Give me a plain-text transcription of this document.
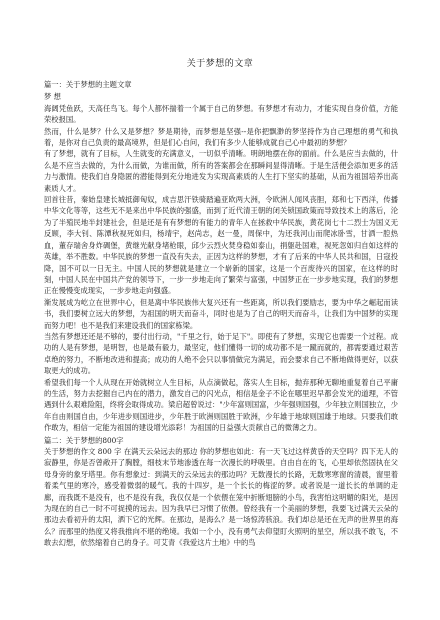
​
关于梦想的文章

篇一：关于梦想的主题文章

梦 想

海阔凭鱼跃，天高任鸟飞。每个人都怀揣着一个属于自己的梦想。有梦想才有动力，才能实现自身价值，方能荣校报国。

然而，什么是梦？什么又是梦想？梦是期待，而梦想是坚强--是你把飘渺的梦坚持作为自己理想的勇气和执着，是你对自己负责的最高境界，但是们心自问，我们有多少人能够成就自己心中最初的梦想？

有了梦想，就有了目标，人生就变的充满意义，一切似乎清晰。明朗地摆在你的面前。什么是应当去做的，什么是不应当去做的，为什么而做，为谁而做，所有的答案都会在那瞬间显得清晰。于是生活便会添加更多的活力与激情。使我们自身隐匿的潜能得到充分地进发为实现高素质的人生打下坚实的基础，从而为祖国培养出高素质人才。

回首往昔，秦始皇建长城抵御匈奴，成吉思汗铁骑踏遍亚欧两大洲，令欧洲人闻风丧胆，郑和七下西洋，传播中华文化等等，这些无不是来出中华民族的强盛，而到了近代清王朝的闭关锁国政策而导致技术上的落后，沦为了半殖民地半封建社会，但是还是有有梦想的有能力的青年人在拯救中华民族，黄花岗七十二烈士为国义无反顾，李大钊、陈潭秋视死如归，杨靖宇，赵尚志，赵一曼，周保中，为还我河山而爬冰卧雪，甘洒一腔热血，董存瑞舍身炸碉堡，黄继光献身堵枪眼，邱少云烈火焚身稳如泰山，捐躯赴国难，视死忽如归自如这样的英雄，举不胜数。中华民族的梦想一直没有失去，正因为这样的梦想，才有了后来的中华人民共和国，日寇投降，国不可以一日无主。中国人民的梦想就是建立一个崭新的国家，这是一个百废待兴的国家，在这样的时刻，中国人民在中国共产党的领导下，一步一步地走向了繁荣与富强，中国梦正在一步步地实现，我们的梦想正在慢慢变成现实，一步步地走向强盛。

渐发展成为屹立在世界中心，但是离中华民族伟大复兴还有一些距离，所以我们要励志，要为中华之崛起而读书，我们要树立远大的梦想，为祖国的明天而奋斗，同时也是为了自己的明天而奋斗，让我们为中国梦的实现而努力吧！也不是我们来建设我们的国家栋梁。

当然有梦想还还是不够的，要付出行动，"千里之行，始于足下"。即使有了梦想，实现它也需要一个过程。成功的人是有梦想，是明智，也是最有毅力，最坚定，他们懂得一切的成功都不是一蹴而就的，都需要通过艰苦卓绝的努力，不断地改进和提高；成功的人绝不会只以事情做完为满足，而会要求自己不断地做得更好，以获取更大的成功。

希望我们每一个人从现在开始就树立人生目标，从点滴做起，落实人生目标，抛弃那种无聊地重复着自己平庸的生活，努力去挖掘自己内在的潜力，激发自己的闪光点，相信是金子不论在哪里迟早都会发光的道理，不管遇到什么艰难险阻，终将会取得成功。梁启超曾说过："少年富则国富，少年强则国强，少年独立则国独立，少年自由则国自由，少年进步则国进步，少年胜于欧洲则国胜于欧洲，少年雄于地球则国雄于地球。只要我们敢作敢为，相信一定能为祖国的建设增光添彩！为祖国的日益强大贡献自己的微薄之力。

篇二：关于梦想的800字

关于梦想的作文 800 字 在满天云朵远去的那边 你的梦想也如此：有一天飞过这样黄昏的天空吗？四下无人的寂静里，你是否曾敞开了胸膛，细枝末节地渗透在每一次漫长的呼吸里。自由自在的飞，心里却依然固执在父母身旁的象牙塔里。你有想象过：到满天的云朵远去的那边吗？无数漫长的长路，无数寒寒窗的清晨，窗里着着柔气里的寒冷，感受着微弱的暖气。我的十四岁，是一个长长的梅涩的梦。或者说是一道长长的单调的走廊，而我既不是没有，也不是没有我，我仅仅是一个依偎在笼中折断翅膀的小鸟，我害怕这明媚的阳光，是因为现在的自己一时不可捉摸的远去。因为我早已习惯了依偎。曾经我有一个美丽的梦想，我要飞过满天云朵的那边去看初升的太阳，洒下它的光辉。在那边，是海么？是一场惊涛骇浪。我们却总是还在无声的世界里的海么？而那里的热度又将我推向不堪的绝境。我如一个小，没有勇气去仰望盯火照明的星空，所以我不敢飞，不敢去幻想，依然缩着自己的身子。可艾青《我爱这片土地》中的鸟
